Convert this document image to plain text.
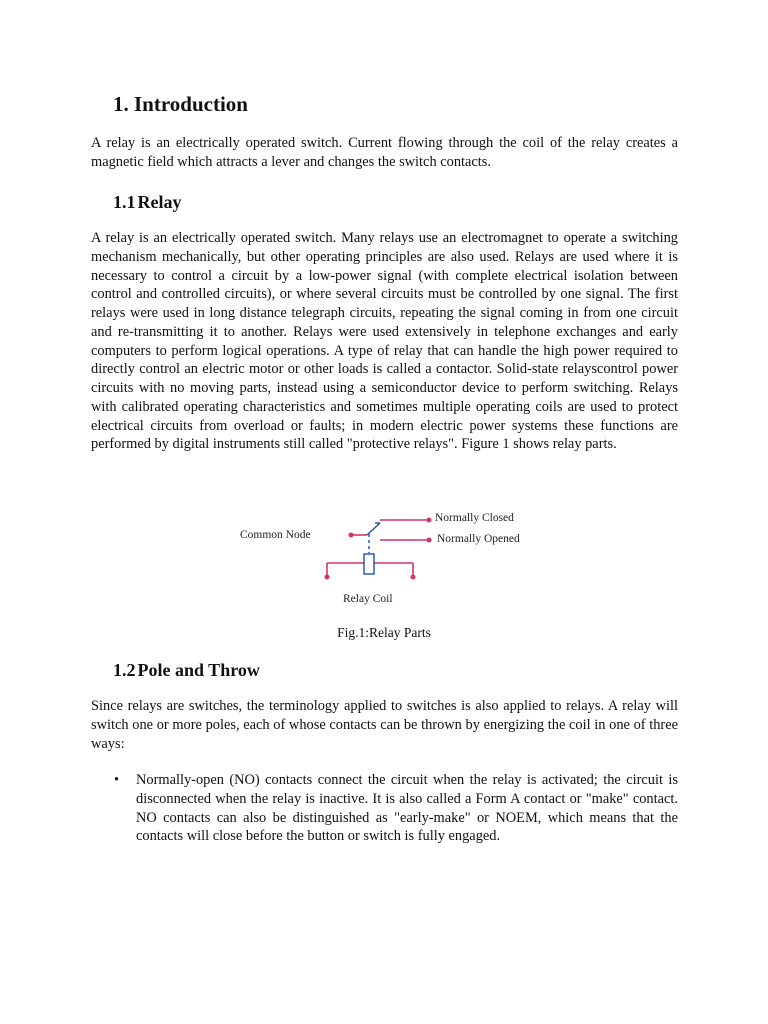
1. Introduction

A relay is an electrically operated switch. Current flowing through the coil of the relay creates a magnetic field which attracts a lever and changes the switch contacts.

1.1 Relay

A relay is an electrically operated switch. Many relays use an electromagnet to operate a switching mechanism mechanically, but other operating principles are also used. Relays are used where it is necessary to control a circuit by a low-power signal (with complete electrical isolation between control and controlled circuits), or where several circuits must be controlled by one signal. The first relays were used in long distance telegraph circuits, repeating the signal coming in from one circuit and re-transmitting it to another. Relays were used extensively in telephone exchanges and early computers to perform logical operations. A type of relay that can handle the high power required to directly control an electric motor or other loads is called a contactor. Solid-state relayscontrol power circuits with no moving parts, instead using a semiconductor device to perform switching. Relays with calibrated operating characteristics and sometimes multiple operating coils are used to protect electrical circuits from overload or faults; in modern electric power systems these functions are performed by digital instruments still called "protective relays". Figure 1 shows relay parts.

Common Node
Normally Closed
Normally Opened
Relay Coil

Fig.1:Relay Parts

1.2 Pole and Throw

Since relays are switches, the terminology applied to switches is also applied to relays. A relay will switch one or more poles, each of whose contacts can be thrown by energizing the coil in one of three ways:

• Normally-open (NO) contacts connect the circuit when the relay is activated; the circuit is disconnected when the relay is inactive. It is also called a Form A contact or "make" contact. NO contacts can also be distinguished as "early-make" or NOEM, which means that the contacts will close before the button or switch is fully engaged.
